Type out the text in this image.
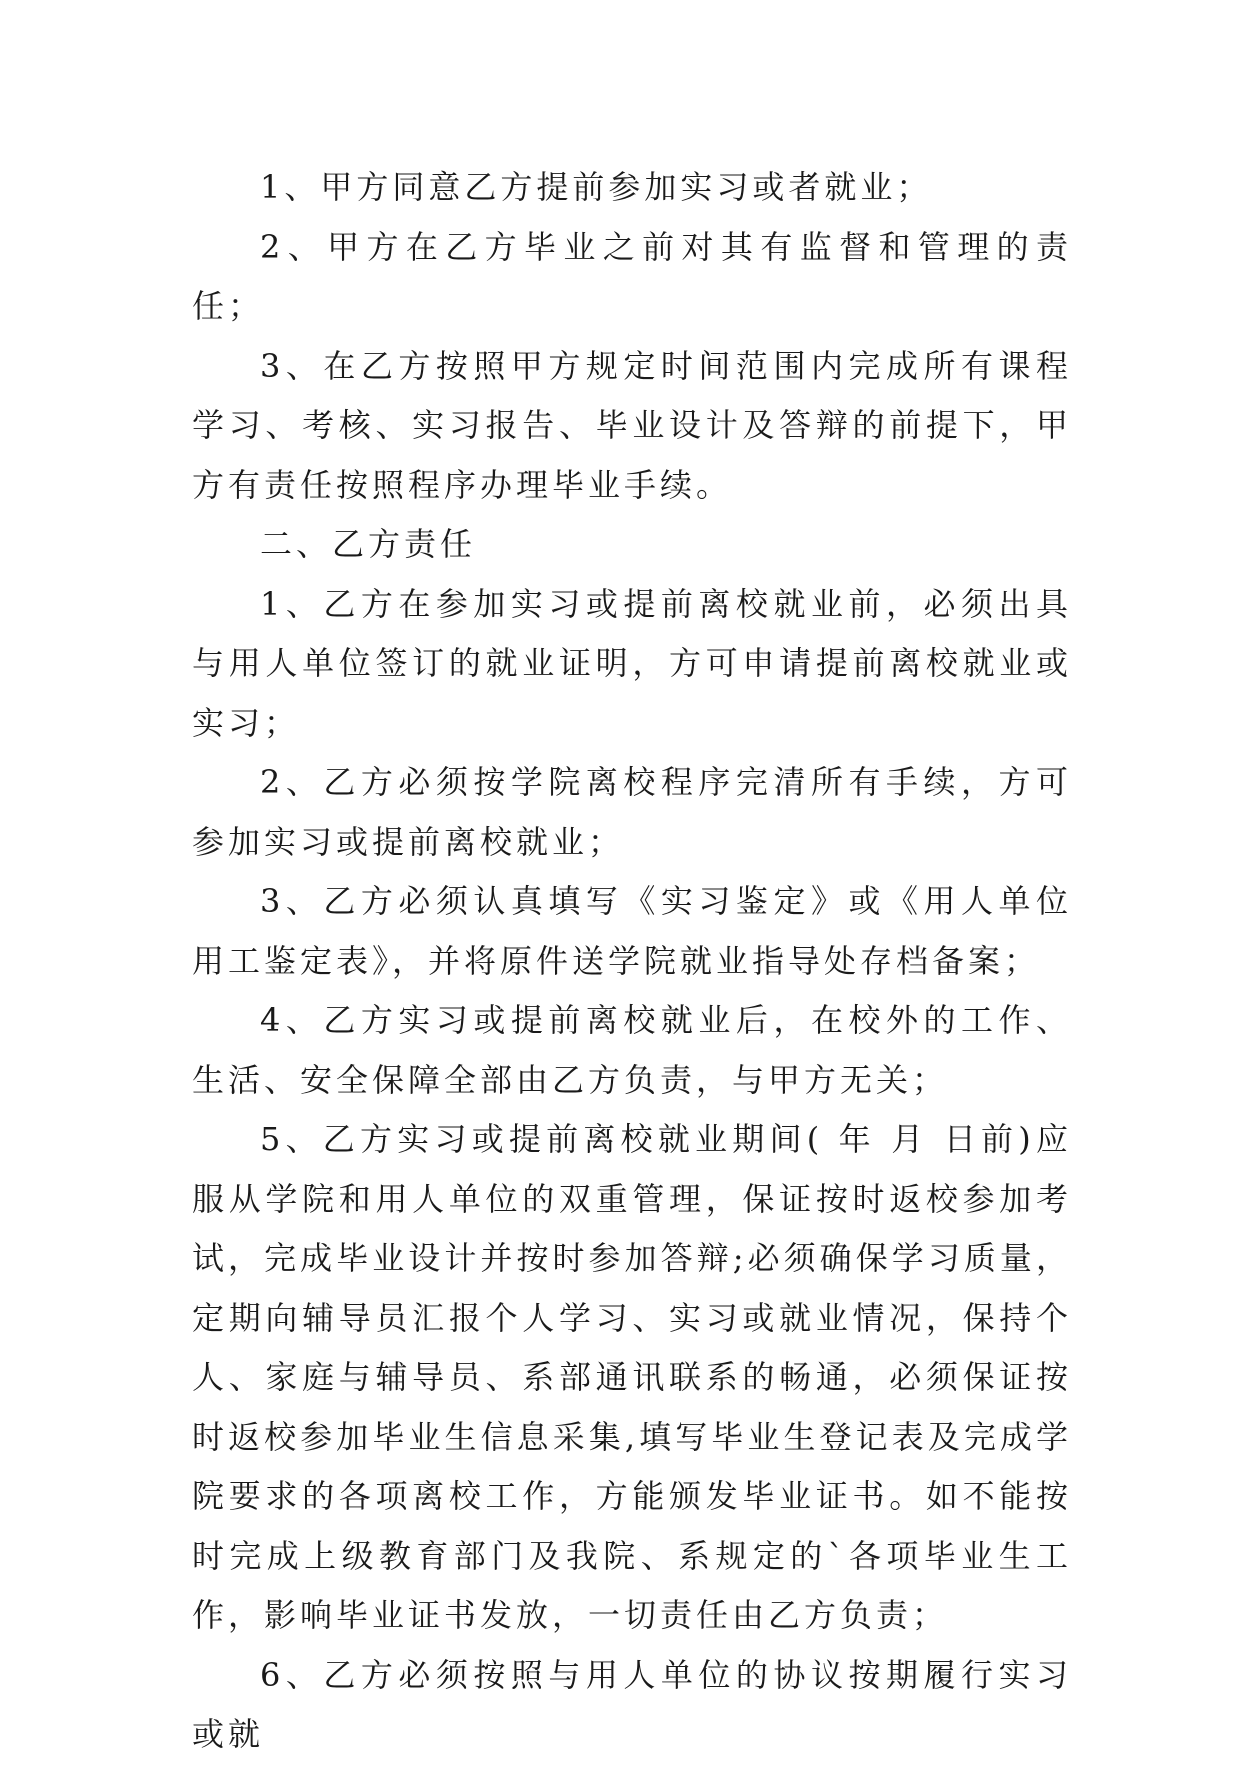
1、甲方同意乙方提前参加实习或者就业；

2、甲方在乙方毕业之前对其有监督和管理的责任；

3、在乙方按照甲方规定时间范围内完成所有课程学习、考核、实习报告、毕业设计及答辩的前提下，甲方有责任按照程序办理毕业手续。

二、乙方责任

1、乙方在参加实习或提前离校就业前，必须出具与用人单位签订的就业证明，方可申请提前离校就业或实习；

2、乙方必须按学院离校程序完清所有手续，方可参加实习或提前离校就业；

3、乙方必须认真填写《实习鉴定》或《用人单位用工鉴定表》，并将原件送学院就业指导处存档备案；

4、乙方实习或提前离校就业后，在校外的工作、生活、安全保障全部由乙方负责，与甲方无关；

5、乙方实习或提前离校就业期间( 年 月 日前)应服从学院和用人单位的双重管理，保证按时返校参加考试，完成毕业设计并按时参加答辩;必须确保学习质量，定期向辅导员汇报个人学习、实习或就业情况，保持个人、家庭与辅导员、系部通讯联系的畅通，必须保证按时返校参加毕业生信息采集,填写毕业生登记表及完成学院要求的各项离校工作，方能颁发毕业证书。如不能按时完成上级教育部门及我院、系规定的`各项毕业生工作，影响毕业证书发放，一切责任由乙方负责；

6、乙方必须按照与用人单位的协议按期履行实习或就
